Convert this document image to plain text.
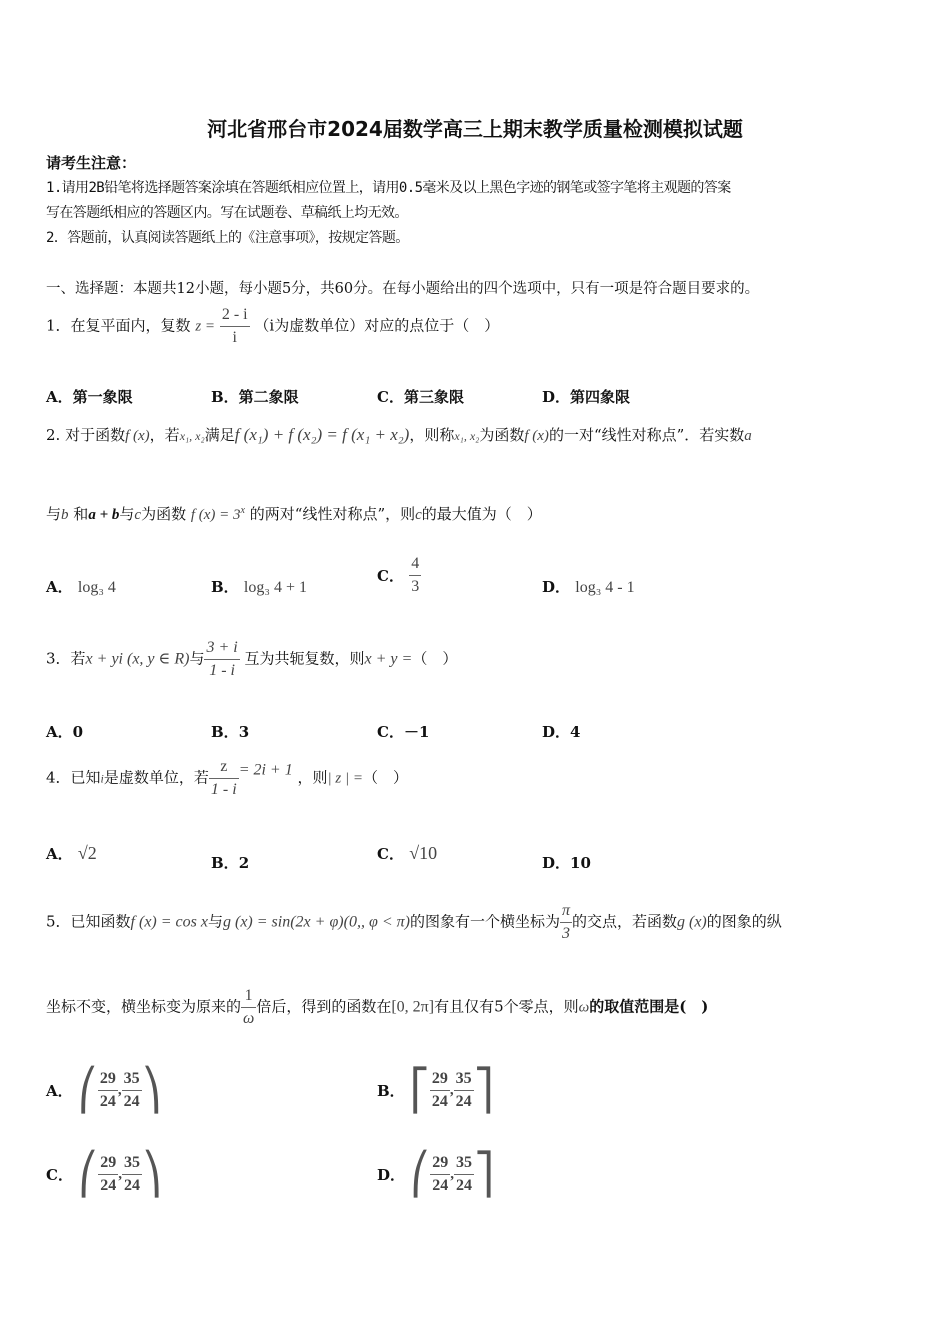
河北省邢台市2024届数学高三上期末教学质量检测模拟试题
请考生注意：
1.请用2B铅笔将选择题答案涂填在答题纸相应位置上，请用0.5毫米及以上黑色字迹的钢笔或签字笔将主观题的答案
写在答题纸相应的答题区内。写在试题卷、草稿纸上均无效。
2．答题前，认真阅读答题纸上的《注意事项》，按规定答题。
一、选择题：本题共12小题，每小题5分，共60分。在每小题给出的四个选项中，只有一项是符合题目要求的。
1．在复平面内，复数 $z = \frac{2 - i}{i} (i$为虚数单位）对应的点位于（　）
A．第一象限	B．第二象限	C．第三象限	D．第四象限
2. 对于函数f (x)，若x₁, x₂满足f (x₁) + f (x₂) = f (x₁ + x₂)，则称x₁, x₂为函数f (x)的一对“线性对称点”．若实数a
与b 和a + b与c为函数 f $(x) = 3^x$ 的两对“线性对称点”，则c的最大值为（　）
A． log₃ 4	B． log₃ 4 + 1
C． $\frac{4}{3}$	D． log₃ 4 - 1
3．若x + yi (x, y ∈ R)与 $\frac{3 + i}{1 - i}$ 互为共轭复数，则x + y =（　）
A．0	B．3	C．－1	D．4
4．已知i是虚数单位，若 $\frac{z}{1 - i} = 2i + 1$ ，则| z | =（　）
A． √2	B．2	C． √10	D．10
5．已知函数f (x) = cos x与g (x) = sin(2x + φ)(0,, φ < π)的图象有一个横坐标为 $\frac{\pi}{3}$ 的交点，若函数g (x)的图象的纵
坐标不变，横坐标变为原来的 $\frac{1}{\omega}$ 倍后，得到的函数在[0, 2π]有且仅有5个零点，则ω的取值范围是(　)
A． ⎛ $\frac{29}{24}$ , $\frac{35}{24}$ ⎞	B． ⎡ $\frac{29}{24}$ , $\frac{35}{24}$ ⎤
C． ⎛ $\frac{29}{24}$ , $\frac{35}{24}$ ⎞	D． ⎛ $\frac{29}{24}$ , $\frac{35}{24}$ ⎤
